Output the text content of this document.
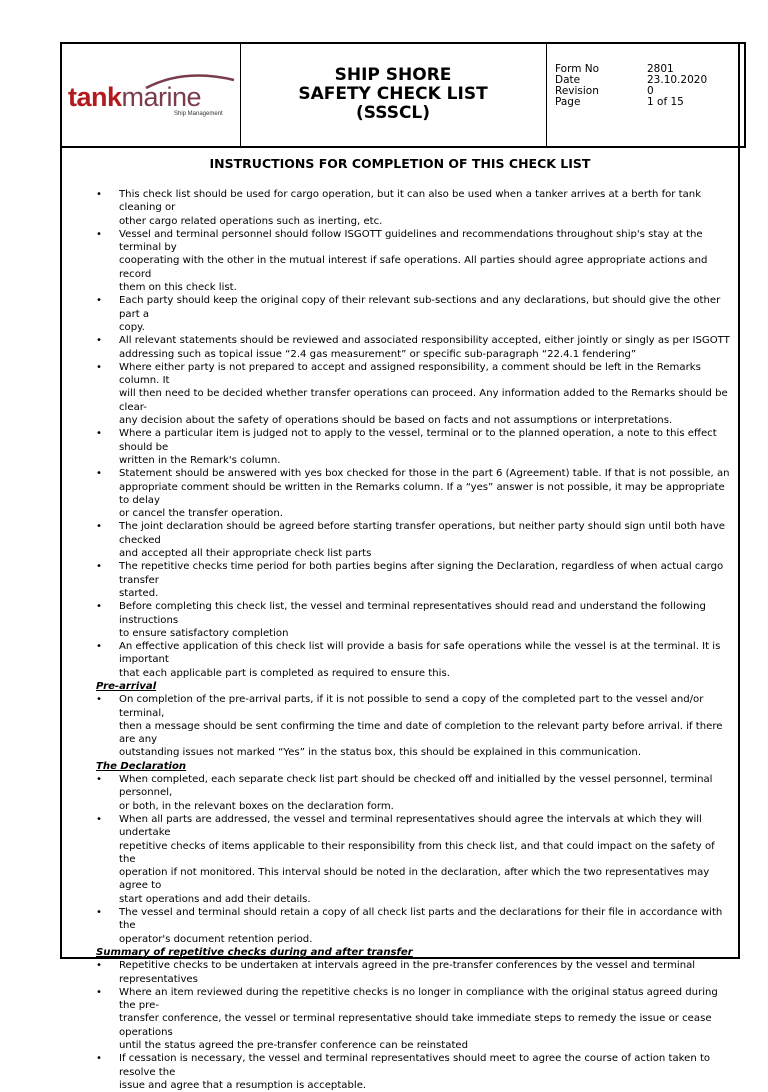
tankmarine
Ship Management
SHIP SHORE
SAFETY CHECK LIST
(SSSCL)
Form No	2801
Date	23.10.2020
Revision	0
Page	1 of 15
INSTRUCTIONS FOR COMPLETION OF THIS CHECK LIST
• This check list should be used for cargo operation, but it can also be used when a tanker arrives at a berth for tank cleaning or
other cargo related operations such as inerting, etc.
• Vessel and terminal personnel should follow ISGOTT guidelines and recommendations throughout ship's stay at the terminal by
cooperating with the other in the mutual interest if safe operations. All parties should agree appropriate actions and record
them on this check list.
• Each party should keep the original copy of their relevant sub-sections and any declarations, but should give the other part a
copy.
• All relevant statements should be reviewed and associated responsibility accepted, either jointly or singly as per ISGOTT
addressing such as topical issue “2.4 gas measurement” or specific sub-paragraph “22.4.1 fendering”
• Where either party is not prepared to accept and assigned responsibility, a comment should be left in the Remarks column. It
will then need to be decided whether transfer operations can proceed. Any information added to the Remarks should be clear-
any decision about the safety of operations should be based on facts and not assumptions or interpretations.
• Where a particular item is judged not to apply to the vessel, terminal or to the planned operation, a note to this effect should be
written in the Remark's column.
• Statement should be answered with yes box checked for those in the part 6 (Agreement) table. If that is not possible, an
appropriate comment should be written in the Remarks column. If a “yes” answer is not possible, it may be appropriate to delay
or cancel the transfer operation.
• The joint declaration should be agreed before starting transfer operations, but neither party should sign until both have checked
and accepted all their appropriate check list parts
• The repetitive checks time period for both parties begins after signing the Declaration, regardless of when actual cargo transfer
started.
• Before completing this check list, the vessel and terminal representatives should read and understand the following instructions
to ensure satisfactory completion
• An effective application of this check list will provide a basis for safe operations while the vessel is at the terminal. It is important
that each applicable part is completed as required to ensure this.
Pre-arrival
• On completion of the pre-arrival parts, if it is not possible to send a copy of the completed part to the vessel and/or terminal,
then a message should be sent confirming the time and date of completion to the relevant party before arrival. if there are any
outstanding issues not marked “Yes” in the status box, this should be explained in this communication.
The Declaration
• When completed, each separate check list part should be checked off and initialled by the vessel personnel, terminal personnel,
or both, in the relevant boxes on the declaration form.
• When all parts are addressed, the vessel and terminal representatives should agree the intervals at which they will undertake
repetitive checks of items applicable to their responsibility from this check list, and that could impact on the safety of the
operation if not monitored. This interval should be noted in the declaration, after which the two representatives may agree to
start operations and add their details.
• The vessel and terminal should retain a copy of all check list parts and the declarations for their file in accordance with the
operator's document retention period.
Summary of repetitive checks during and after transfer
• Repetitive checks to be undertaken at intervals agreed in the pre-transfer conferences by the vessel and terminal
representatives
• Where an item reviewed during the repetitive checks is no longer in compliance with the original status agreed during the pre-
transfer conference, the vessel or terminal representative should take immediate steps to remedy the issue or cease operations
until the status agreed the pre-transfer conference can be reinstated
• If cessation is necessary, the vessel and terminal representatives should meet to agree the course of action taken to resolve the
issue and agree that a resumption is acceptable.
